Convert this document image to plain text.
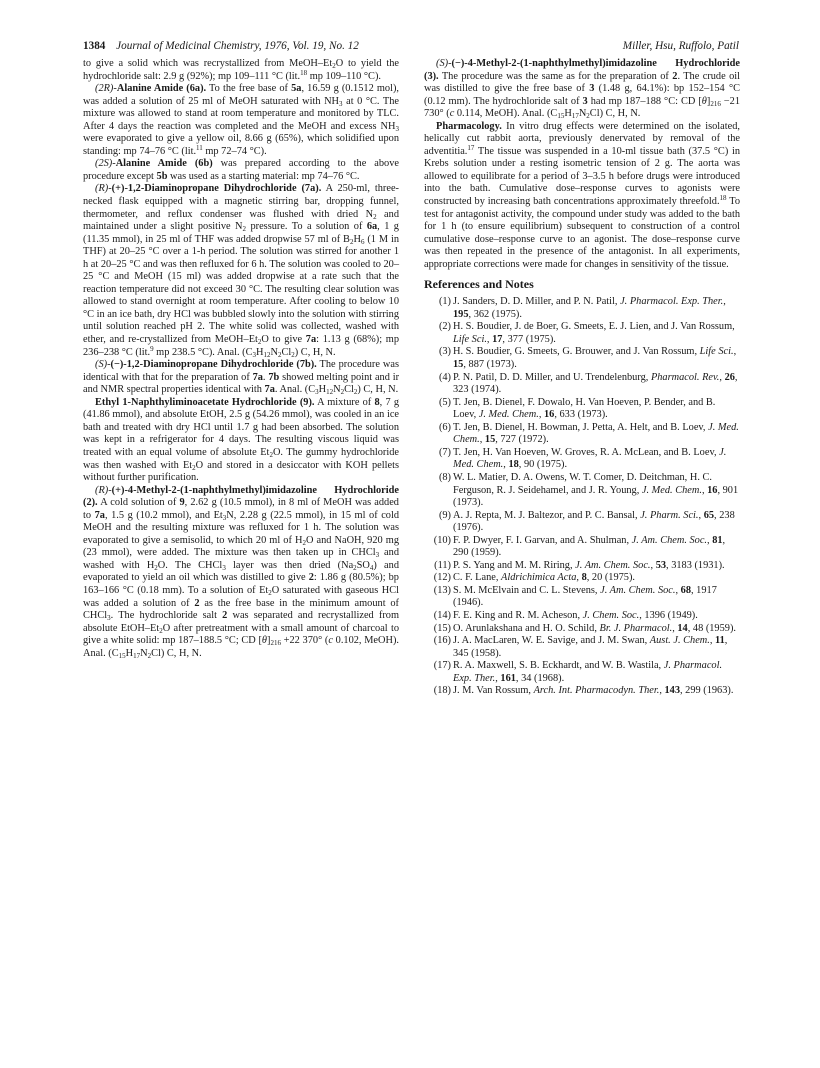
1384 Journal of Medicinal Chemistry, 1976, Vol. 19, No. 12	Miller, Hsu, Ruffolo, Patil

to give a solid which was recrystallized from MeOH–$Et_2O$ to yield the hydrochloride salt: 2.9 g (92%); mp 109–111 °C (lit.$^{18}$ mp 109–110 °C).

(2R)-Alanine Amide (6a). To the free base of 5a, 16.59 g (0.1512 mol), was added a solution of 25 ml of MeOH saturated with $NH_3$ at 0 °C. The mixture was allowed to stand at room temperature and monitored by TLC. After 4 days the reaction was completed and the MeOH and excess $NH_3$ were evaporated to give a yellow oil, 8.66 g (65%), which solidified upon standing: mp 74–76 °C (lit.$^{11}$ mp 72–74 °C).

(2S)-Alanine Amide (6b) was prepared according to the above procedure except 5b was used as a starting material: mp 74–76 °C.

(R)-(+)-1,2-Diaminopropane Dihydrochloride (7a). A 250-ml, three-necked flask equipped with a magnetic stirring bar, dropping funnel, thermometer, and reflux condenser was flushed with dried $N_2$ and maintained under a slight positive $N_2$ pressure. To a solution of 6a, 1 g (11.35 mmol), in 25 ml of THF was added dropwise 57 ml of $B_2H_6$ (1 M in THF) at 20–25 °C over a 1-h period. The solution was stirred for another 1 h at 20–25 °C and was then refluxed for 6 h. The solution was cooled to 20–25 °C and MeOH (15 ml) was added dropwise at a rate such that the reaction temperature did not exceed 30 °C. The resulting clear solution was allowed to stand overnight at room temperature. After cooling to below 10 °C in an ice bath, dry HCl was bubbled slowly into the solution with stirring until solution reached pH 2. The white solid was collected, washed with ether, and re-crystallized from MeOH–$Et_2O$ to give 7a: 1.13 g (68%); mp 236–238 °C (lit.$^9$ mp 238.5 °C). Anal. $(C_3H_{12}N_2Cl_2)$ C, H, N.

(S)-(−)-1,2-Diaminopropane Dihydrochloride (7b). The procedure was identical with that for the preparation of 7a. 7b showed melting point and ir and NMR spectral properties identical with 7a. Anal. $(C_3H_{12}N_2Cl_2)$ C, H, N.

Ethyl 1-Naphthyliminoacetate Hydrochloride (9). A mixture of 8, 7 g (41.86 mmol), and absolute EtOH, 2.5 g (54.26 mmol), was cooled in an ice bath and treated with dry HCl until 1.7 g had been absorbed. The solution was kept in a refrigerator for 4 days. The resulting viscous liquid was treated with an equal volume of absolute $Et_2O$. The gummy hydrochloride was then washed with $Et_2O$ and stored in a desiccator with KOH pellets without further purification.

(R)-(+)-4-Methyl-2-(1-naphthylmethyl)imidazoline Hydrochloride (2). A cold solution of 9, 2.62 g (10.5 mmol), in 8 ml of MeOH was added to 7a, 1.5 g (10.2 mmol), and $Et_3N$, 2.28 g (22.5 mmol), in 15 ml of cold MeOH and the resulting mixture was refluxed for 1 h. The solution was evaporated to give a semisolid, to which 20 ml of $H_2O$ and NaOH, 920 mg (23 mmol), were added. The mixture was then taken up in CHCl$_3$ and washed with $H_2O$. The CHCl$_3$ layer was then dried $(Na_2SO_4)$ and evaporated to yield an oil which was distilled to give 2: 1.86 g (80.5%); bp 163–166 °C (0.18 mm). To a solution of $Et_2O$ saturated with gaseous HCl was added a solution of 2 as the free base in the minimum amount of CHCl$_3$. The hydrochloride salt 2 was separated and recrystallized from absolute EtOH–$Et_2O$ after pretreatment with a small amount of charcoal to give a white solid: mp 187–188.5 °C; CD $[\theta]_{216} +22$ 370° (c 0.102, MeOH). Anal. $(C_{15}H_{17}N_2Cl)$ C, H, N.

(S)-(−)-4-Methyl-2-(1-naphthylmethyl)imidazoline Hydrochloride (3). The procedure was the same as for the preparation of 2. The crude oil was distilled to give the free base of 3 (1.48 g, 64.1%): bp 152–154 °C (0.12 mm). The hydrochloride salt of 3 had mp 187–188 °C: CD $[\theta]_{216} -21$ 730° (c 0.114, MeOH). Anal. $(C_{15}H_{17}N_2Cl)$ C, H, N.

Pharmacology. In vitro drug effects were determined on the isolated, helically cut rabbit aorta, previously denervated by removal of the adventitia.$^{17}$ The tissue was suspended in a 10-ml tissue bath (37.5 °C) in Krebs solution under a resting isometric tension of 2 g. The aorta was allowed to equilibrate for a period of 3–3.5 h before drugs were introduced into the bath. Cumulative dose–response curves to agonists were constructed by increasing bath concentrations approximately threefold.$^{18}$ To test for antagonist activity, the compound under study was added to the bath for 1 h (to ensure equilibrium) subsequent to construction of a control cumulative dose–response curve to an agonist. The dose–response curve was then repeated in the presence of the antagonist. In all experiments, appropriate corrections were made for changes in sensitivity of the tissue.

References and Notes
(1) J. Sanders, D. D. Miller, and P. N. Patil, J. Pharmacol. Exp. Ther., 195, 362 (1975).
(2) H. S. Boudier, J. de Boer, G. Smeets, E. J. Lien, and J. Van Rossum, Life Sci., 17, 377 (1975).
(3) H. S. Boudier, G. Smeets, G. Brouwer, and J. Van Rossum, Life Sci., 15, 887 (1973).
(4) P. N. Patil, D. D. Miller, and U. Trendelenburg, Pharmacol. Rev., 26, 323 (1974).
(5) T. Jen, B. Dienel, F. Dowalo, H. Van Hoeven, P. Bender, and B. Loev, J. Med. Chem., 16, 633 (1973).
(6) T. Jen, B. Dienel, H. Bowman, J. Petta, A. Helt, and B. Loev, J. Med. Chem., 15, 727 (1972).
(7) T. Jen, H. Van Hoeven, W. Groves, R. A. McLean, and B. Loev, J. Med. Chem., 18, 90 (1975).
(8) W. L. Matier, D. A. Owens, W. T. Comer, D. Deitchman, H. C. Ferguson, R. J. Seidehamel, and J. R. Young, J. Med. Chem., 16, 901 (1973).
(9) A. J. Repta, M. J. Baltezor, and P. C. Bansal, J. Pharm. Sci., 65, 238 (1976).
(10) F. P. Dwyer, F. I. Garvan, and A. Shulman, J. Am. Chem. Soc., 81, 290 (1959).
(11) P. S. Yang and M. M. Riring, J. Am. Chem. Soc., 53, 3183 (1931).
(12) C. F. Lane, Aldrichimica Acta, 8, 20 (1975).
(13) S. M. McElvain and C. L. Stevens, J. Am. Chem. Soc., 68, 1917 (1946).
(14) F. E. King and R. M. Acheson, J. Chem. Soc., 1396 (1949).
(15) O. Arunlakshana and H. O. Schild, Br. J. Pharmacol., 14, 48 (1959).
(16) J. A. MacLaren, W. E. Savige, and J. M. Swan, Aust. J. Chem., 11, 345 (1958).
(17) R. A. Maxwell, S. B. Eckhardt, and W. B. Wastila, J. Pharmacol. Exp. Ther., 161, 34 (1968).
(18) J. M. Van Rossum, Arch. Int. Pharmacodyn. Ther., 143, 299 (1963).
